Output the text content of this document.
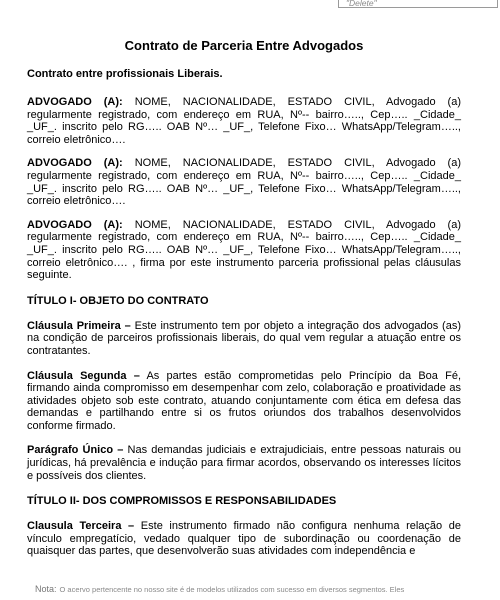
"Delete"
Contrato de Parceria Entre Advogados
Contrato entre profissionais Liberais.

ADVOGADO (A): NOME, NACIONALIDADE, ESTADO CIVIL, Advogado (a) regularmente registrado, com endereço em RUA, Nº-- bairro….., Cep….. _Cidade_ _UF_. inscrito pelo RG….. OAB Nº… _UF_, Telefone Fixo… WhatsApp/Telegram….., correio eletrônico….

ADVOGADO (A): NOME, NACIONALIDADE, ESTADO CIVIL, Advogado (a) regularmente registrado, com endereço em RUA, Nº-- bairro….., Cep….. _Cidade_ _UF_. inscrito pelo RG….. OAB Nº… _UF_, Telefone Fixo… WhatsApp/Telegram….., correio eletrônico….

ADVOGADO (A): NOME, NACIONALIDADE, ESTADO CIVIL, Advogado (a) regularmente registrado, com endereço em RUA, Nº-- bairro….., Cep….. _Cidade_ _UF_. inscrito pelo RG….. OAB Nº… _UF_, Telefone Fixo… WhatsApp/Telegram….., correio eletrônico…. , firma por este instrumento parceria profissional pelas cláusulas seguinte.

TÍTULO I- OBJETO DO CONTRATO

Cláusula Primeira – Este instrumento tem por objeto a integração dos advogados (as) na condição de parceiros profissionais liberais, do qual vem regular a atuação entre os contratantes.

Cláusula Segunda – As partes estão comprometidas pelo Princípio da Boa Fé, firmando ainda compromisso em desempenhar com zelo, colaboração e proatividade as atividades objeto sob este contrato, atuando conjuntamente com ética em defesa das demandas e partilhando entre si os frutos oriundos dos trabalhos desenvolvidos conforme firmado.

Parágrafo Único – Nas demandas judiciais e extrajudiciais, entre pessoas naturais ou jurídicas, há prevalência e indução para firmar acordos, observando os interesses lícitos e possíveis dos clientes.

TÍTULO II- DOS COMPROMISSOS E RESPONSABILIDADES

Clausula Terceira – Este instrumento firmado não configura nenhuma relação de vínculo empregatício, vedado qualquer tipo de subordinação ou coordenação de quaisquer das partes, que desenvolverão suas atividades com independência e

Nota: O acervo pertencente no nosso site é de modelos utilizados com sucesso em diversos segmentos. Eles
